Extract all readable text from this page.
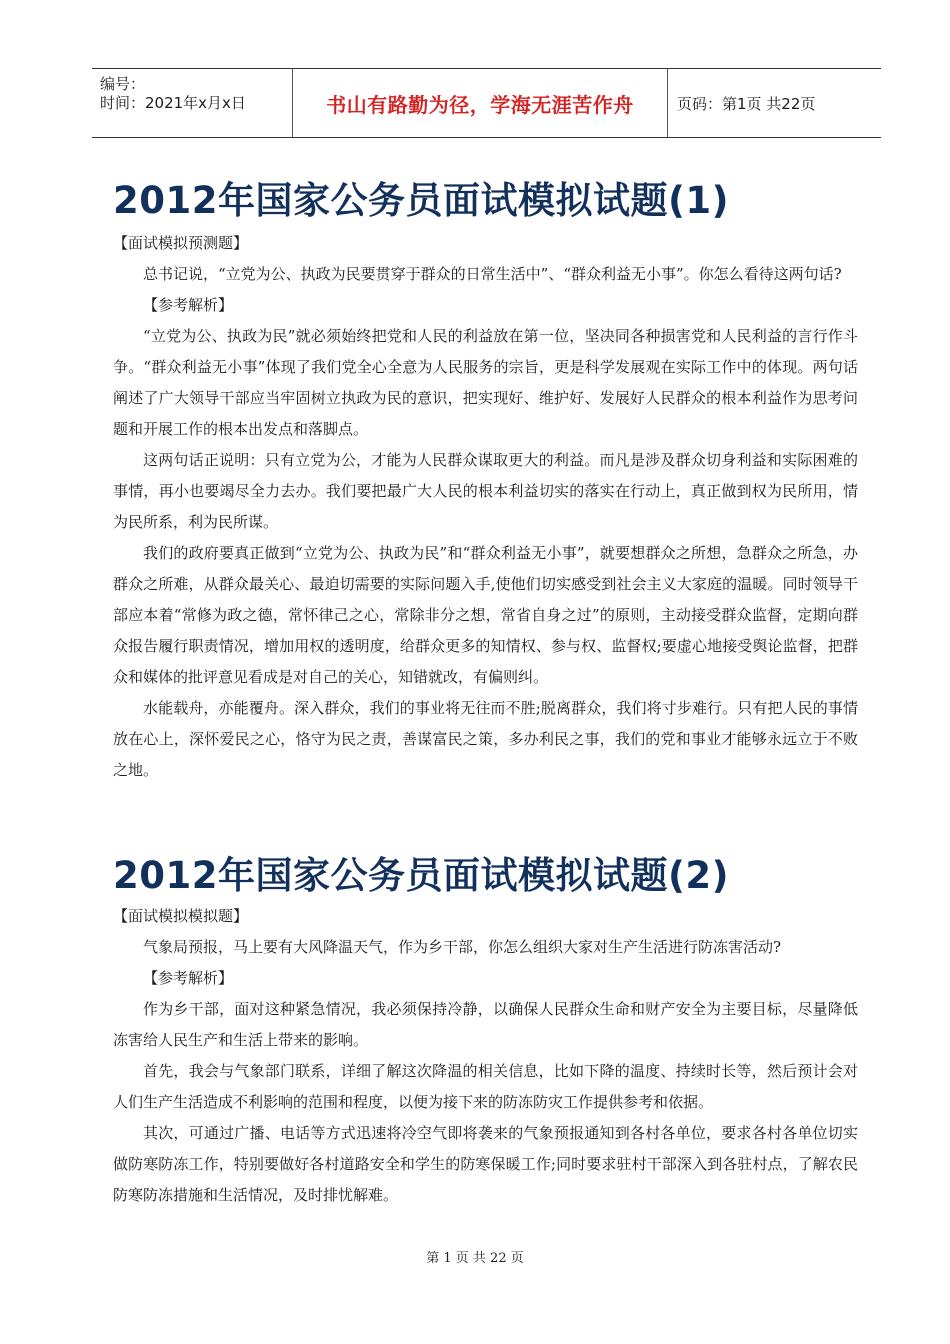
编号：
时间：2021年x月x日	书山有路勤为径，学海无涯苦作舟	页码：第1页 共22页
2012年国家公务员面试模拟试题(1)

【面试模拟预测题】

总书记说，“立党为公、执政为民要贯穿于群众的日常生活中”、“群众利益无小事”。你怎么看待这两句话?

【参考解析】

“立党为公、执政为民”就必须始终把党和人民的利益放在第一位，坚决同各种损害党和人民利益的言行作斗争。“群众利益无小事”体现了我们党全心全意为人民服务的宗旨，更是科学发展观在实际工作中的体现。两句话阐述了广大领导干部应当牢固树立执政为民的意识，把实现好、维护好、发展好人民群众的根本利益作为思考问题和开展工作的根本出发点和落脚点。

这两句话正说明：只有立党为公，才能为人民群众谋取更大的利益。而凡是涉及群众切身利益和实际困难的事情，再小也要竭尽全力去办。我们要把最广大人民的根本利益切实的落实在行动上，真正做到权为民所用，情为民所系，利为民所谋。

我们的政府要真正做到“立党为公、执政为民”和“群众利益无小事”，就要想群众之所想，急群众之所急，办群众之所难，从群众最关心、最迫切需要的实际问题入手,使他们切实感受到社会主义大家庭的温暖。同时领导干部应本着“常修为政之德，常怀律己之心，常除非分之想，常省自身之过”的原则，主动接受群众监督，定期向群众报告履行职责情况，增加用权的透明度，给群众更多的知情权、参与权、监督权;要虚心地接受舆论监督，把群众和媒体的批评意见看成是对自己的关心，知错就改，有偏则纠。

水能载舟，亦能覆舟。深入群众，我们的事业将无往而不胜;脱离群众，我们将寸步难行。只有把人民的事情放在心上，深怀爱民之心，恪守为民之责，善谋富民之策，多办利民之事，我们的党和事业才能够永远立于不败之地。

2012年国家公务员面试模拟试题(2)

【面试模拟模拟题】

气象局预报，马上要有大风降温天气，作为乡干部，你怎么组织大家对生产生活进行防冻害活动?

【参考解析】

作为乡干部，面对这种紧急情况，我必须保持冷静，以确保人民群众生命和财产安全为主要目标，尽量降低冻害给人民生产和生活上带来的影响。

首先，我会与气象部门联系，详细了解这次降温的相关信息，比如下降的温度、持续时长等，然后预计会对人们生产生活造成不利影响的范围和程度，以便为接下来的防冻防灾工作提供参考和依据。

其次，可通过广播、电话等方式迅速将冷空气即将袭来的气象预报通知到各村各单位，要求各村各单位切实做防寒防冻工作，特别要做好各村道路安全和学生的防寒保暖工作;同时要求驻村干部深入到各驻村点，了解农民防寒防冻措施和生活情况，及时排忧解难。

第 1 页 共 22 页
